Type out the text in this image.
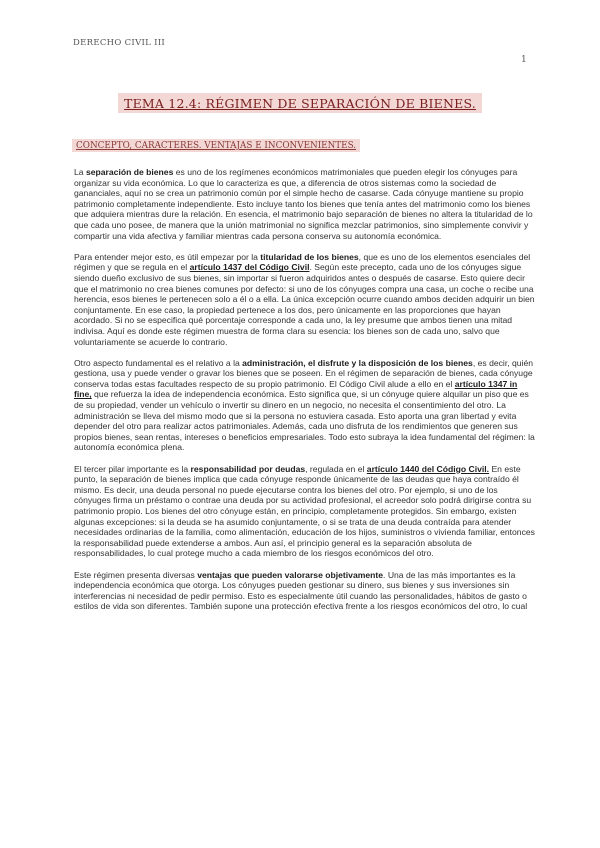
DERECHO CIVIL III
1
TEMA 12.4: RÉGIMEN DE SEPARACIÓN DE BIENES.
CONCEPTO, CARACTERES. VENTAJAS E INCONVENIENTES.

La separación de bienes es uno de los regímenes económicos matrimoniales que pueden elegir los cónyuges para organizar su vida económica. Lo que lo caracteriza es que, a diferencia de otros sistemas como la sociedad de gananciales, aquí no se crea un patrimonio común por el simple hecho de casarse. Cada cónyuge mantiene su propio patrimonio completamente independiente. Esto incluye tanto los bienes que tenía antes del matrimonio como los bienes que adquiera mientras dure la relación. En esencia, el matrimonio bajo separación de bienes no altera la titularidad de lo que cada uno posee, de manera que la unión matrimonial no significa mezclar patrimonios, sino simplemente convivir y compartir una vida afectiva y familiar mientras cada persona conserva su autonomía económica.

Para entender mejor esto, es útil empezar por la titularidad de los bienes, que es uno de los elementos esenciales del régimen y que se regula en el artículo 1437 del Código Civil. Según este precepto, cada uno de los cónyuges sigue siendo dueño exclusivo de sus bienes, sin importar si fueron adquiridos antes o después de casarse. Esto quiere decir que el matrimonio no crea bienes comunes por defecto: si uno de los cónyuges compra una casa, un coche o recibe una herencia, esos bienes le pertenecen solo a él o a ella. La única excepción ocurre cuando ambos deciden adquirir un bien conjuntamente. En ese caso, la propiedad pertenece a los dos, pero únicamente en las proporciones que hayan acordado. Si no se especifica qué porcentaje corresponde a cada uno, la ley presume que ambos tienen una mitad indivisa. Aquí es donde este régimen muestra de forma clara su esencia: los bienes son de cada uno, salvo que voluntariamente se acuerde lo contrario.

Otro aspecto fundamental es el relativo a la administración, el disfrute y la disposición de los bienes, es decir, quién gestiona, usa y puede vender o gravar los bienes que se poseen. En el régimen de separación de bienes, cada cónyuge conserva todas estas facultades respecto de su propio patrimonio. El Código Civil alude a ello en el artículo 1347 in fine, que refuerza la idea de independencia económica. Esto significa que, si un cónyuge quiere alquilar un piso que es de su propiedad, vender un vehículo o invertir su dinero en un negocio, no necesita el consentimiento del otro. La administración se lleva del mismo modo que si la persona no estuviera casada. Esto aporta una gran libertad y evita depender del otro para realizar actos patrimoniales. Además, cada uno disfruta de los rendimientos que generen sus propios bienes, sean rentas, intereses o beneficios empresariales. Todo esto subraya la idea fundamental del régimen: la autonomía económica plena.

El tercer pilar importante es la responsabilidad por deudas, regulada en el artículo 1440 del Código Civil. En este punto, la separación de bienes implica que cada cónyuge responde únicamente de las deudas que haya contraído él mismo. Es decir, una deuda personal no puede ejecutarse contra los bienes del otro. Por ejemplo, si uno de los cónyuges firma un préstamo o contrae una deuda por su actividad profesional, el acreedor solo podrá dirigirse contra su patrimonio propio. Los bienes del otro cónyuge están, en principio, completamente protegidos. Sin embargo, existen algunas excepciones: si la deuda se ha asumido conjuntamente, o si se trata de una deuda contraída para atender necesidades ordinarias de la familia, como alimentación, educación de los hijos, suministros o vivienda familiar, entonces la responsabilidad puede extenderse a ambos. Aun así, el principio general es la separación absoluta de responsabilidades, lo cual protege mucho a cada miembro de los riesgos económicos del otro.

Este régimen presenta diversas ventajas que pueden valorarse objetivamente. Una de las más importantes es la independencia económica que otorga. Los cónyuges pueden gestionar su dinero, sus bienes y sus inversiones sin interferencias ni necesidad de pedir permiso. Esto es especialmente útil cuando las personalidades, hábitos de gasto o estilos de vida son diferentes. También supone una protección efectiva frente a los riesgos económicos del otro, lo cual
